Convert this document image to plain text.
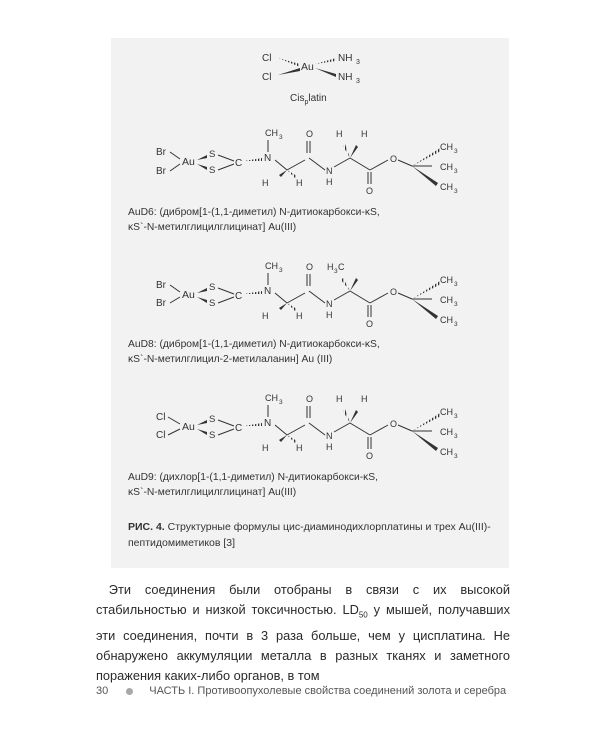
Cl
Cl
Au
NH 3
NH 3
Cis$_p$latin
Br
Br
Au
S
S
C N
CH 3
H	H
O
N
H
H H
O
O
CH 3
CH 3
CH 3
Br
Br
Au
S
S
C N
CH 3
H	H
O
N
H
H 3 C
O
O
CH 3
CH 3
CH 3
Cl
Cl
Au
S
S
C N
CH 3
H	H
O
N
H
H H
O
O
CH 3
CH 3
CH 3
AuD6: (дибром[1-(1,1-диметил) N-дитиокарбокси-κS,
κS`-N-метилглицилглицинат] Au(III)
AuD8: (дибром[1-(1,1-диметил) N-дитиокарбокси-κS,
κS`-N-метилглицил-2-метилаланин] Au (III)
AuD9: (дихлор[1-(1,1-диметил) N-дитиокарбокси-κS,
κS`-N-метилглицилглицинат] Au(III)
РИС. 4. Структурные формулы цис-диаминодихлорплатины и трех Au(III)-пептидомиметиков [3]
 Эти соединения были отобраны в связи с их высокой стабильностью и низкой токсичностью. $LD_{50}$ у мышей, получавших эти соединения, почти в 3 раза больше, чем у цисплатина. Не обнаружено аккумуляции металла в разных тканях и заметного поражения каких-либо органов, в том
30	ЧАСТЬ I. Противоопухолевые свойства соединений золота и серебра
